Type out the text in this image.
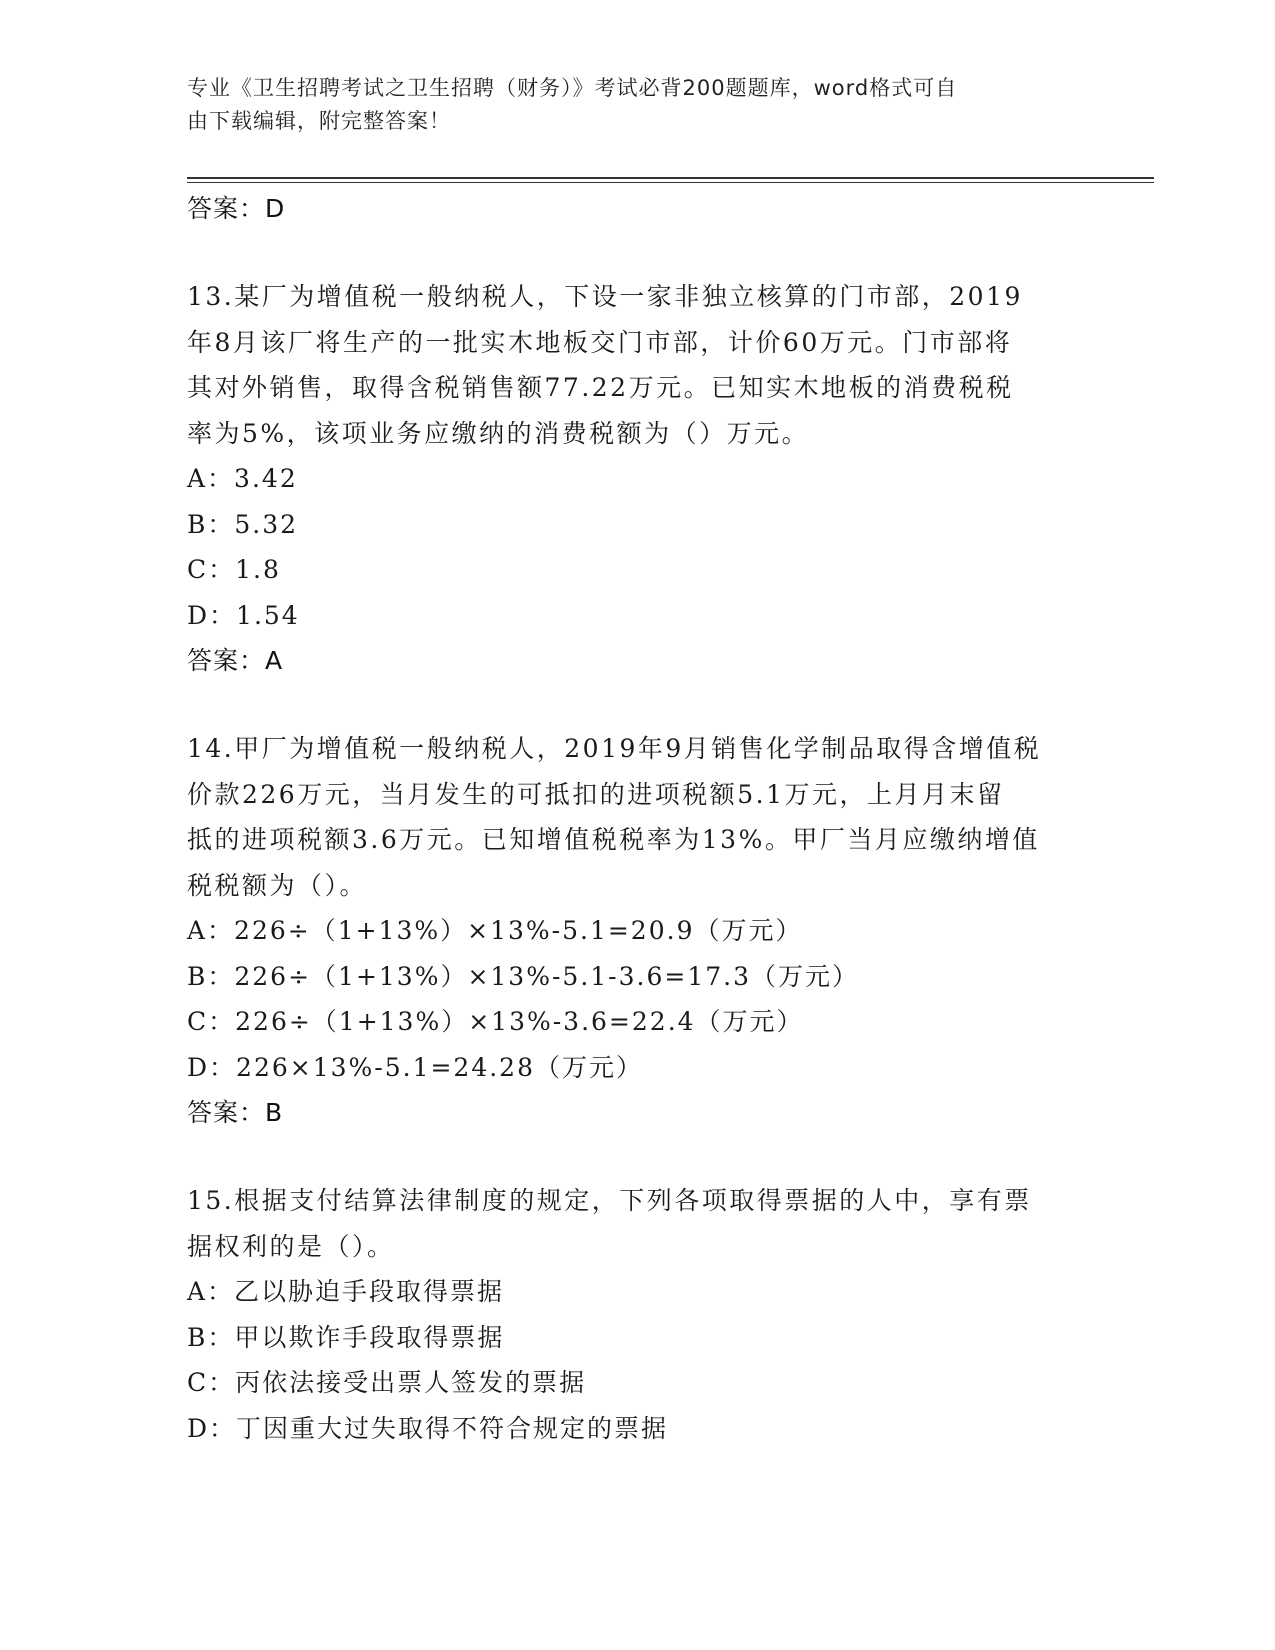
专业《卫生招聘考试之卫生招聘（财务）》考试必背200题题库，word格式可自
由下载编辑，附完整答案！

答案：D

13.某厂为增值税一般纳税人，下设一家非独立核算的门市部，2019

年8月该厂将生产的一批实木地板交门市部，计价60万元。门市部将

其对外销售，取得含税销售额77.22万元。已知实木地板的消费税税

率为5%，该项业务应缴纳的消费税额为（）万元。

A：3.42

B：5.32

C：1.8

D：1.54

答案：A

14.甲厂为增值税一般纳税人，2019年9月销售化学制品取得含增值税

价款226万元，当月发生的可抵扣的进项税额5.1万元，上月月末留

抵的进项税额3.6万元。已知增值税税率为13%。甲厂当月应缴纳增值

税税额为（）。

A：226÷（1+13%）×13%-5.1=20.9（万元）

B：226÷（1+13%）×13%-5.1-3.6=17.3（万元）

C：226÷（1+13%）×13%-3.6=22.4（万元）

D：226×13%-5.1=24.28（万元）

答案：B

15.根据支付结算法律制度的规定，下列各项取得票据的人中，享有票

据权利的是（）。

A：乙以胁迫手段取得票据

B：甲以欺诈手段取得票据

C：丙依法接受出票人签发的票据

D：丁因重大过失取得不符合规定的票据
